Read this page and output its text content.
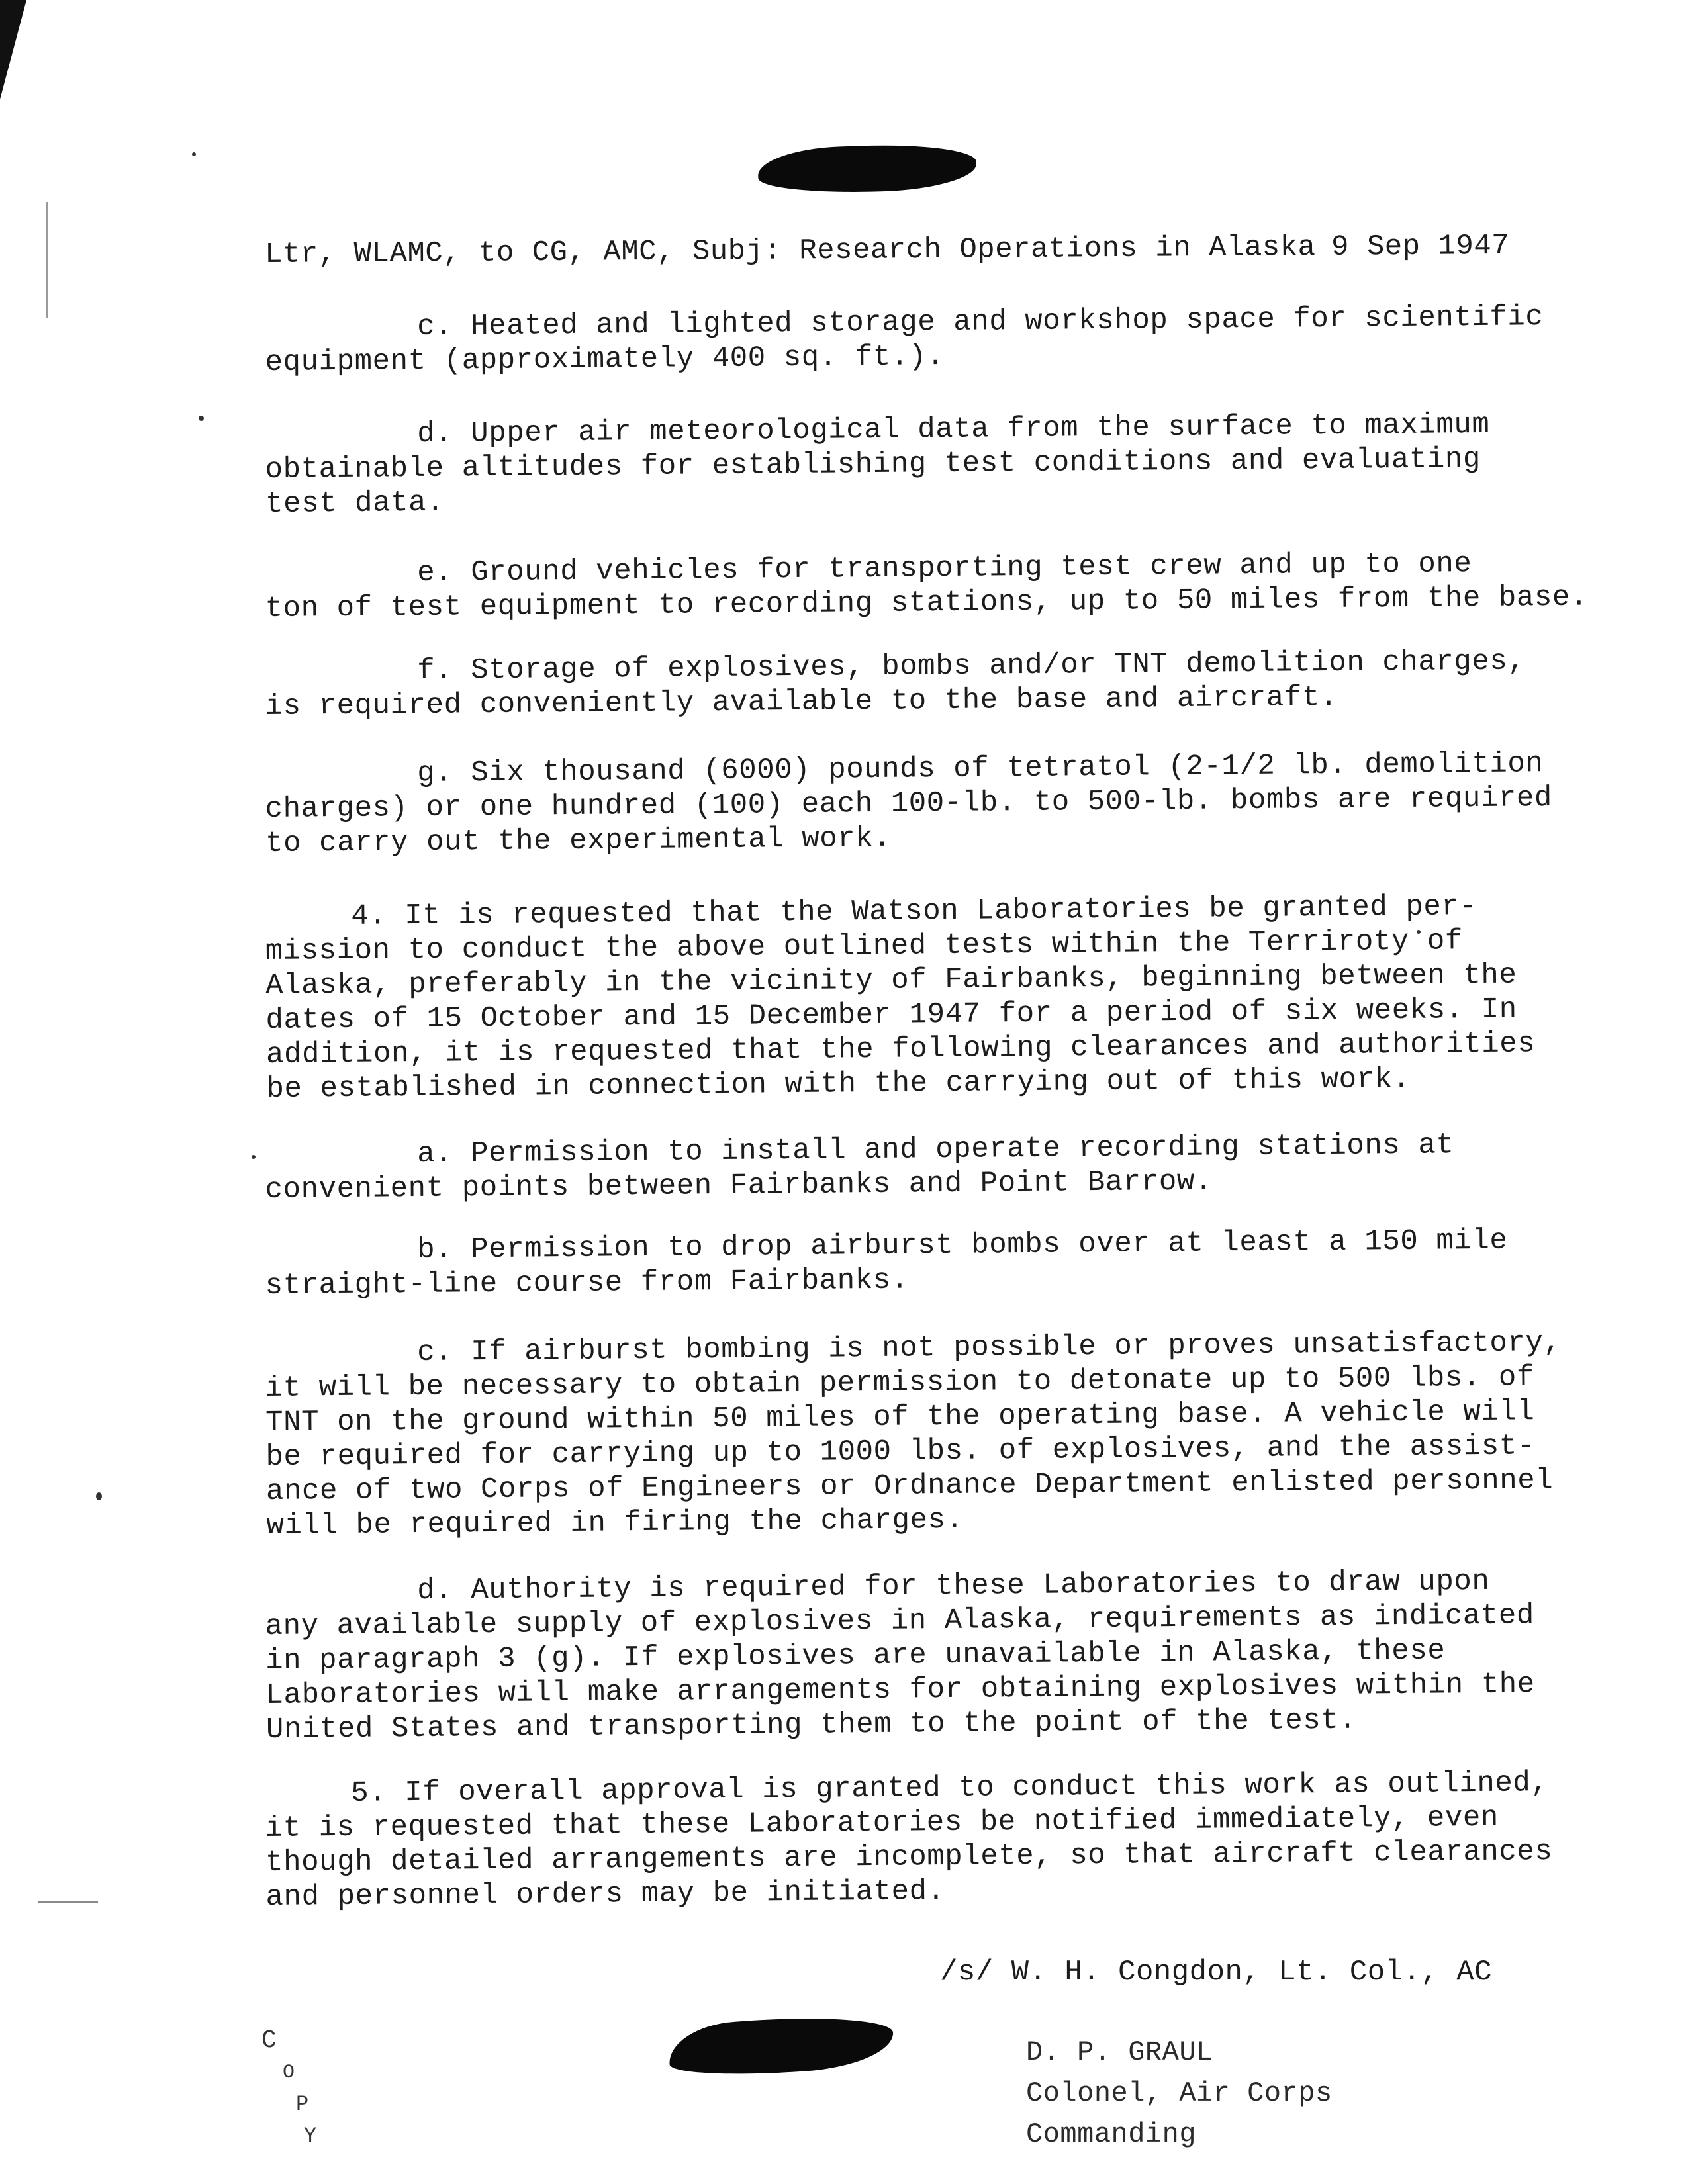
Ltr, WLAMC, to CG, AMC, Subj: Research Operations in Alaska 9 Sep 1947
c. Heated and lighted storage and workshop space for scientific
equipment (approximately 400 sq. ft.).
d. Upper air meteorological data from the surface to maximum
obtainable altitudes for establishing test conditions and evaluating
test data.
e. Ground vehicles for transporting test crew and up to one
ton of test equipment to recording stations, up to 50 miles from the base.
f. Storage of explosives, bombs and/or TNT demolition charges,
is required conveniently available to the base and aircraft.
g. Six thousand (6000) pounds of tetratol (2-1/2 lb. demolition
charges) or one hundred (100) each 100-lb. to 500-lb. bombs are required
to carry out the experimental work.
4. It is requested that the Watson Laboratories be granted per-
mission to conduct the above outlined tests within the Terriroty of
Alaska, preferably in the vicinity of Fairbanks, beginning between the
dates of 15 October and 15 December 1947 for a period of six weeks. In
addition, it is requested that the following clearances and authorities
be established in connection with the carrying out of this work.
a. Permission to install and operate recording stations at
convenient points between Fairbanks and Point Barrow.
b. Permission to drop airburst bombs over at least a 150 mile
straight-line course from Fairbanks.
c. If airburst bombing is not possible or proves unsatisfactory,
it will be necessary to obtain permission to detonate up to 500 lbs. of
TNT on the ground within 50 miles of the operating base. A vehicle will
be required for carrying up to 1000 lbs. of explosives, and the assist-
ance of two Corps of Engineers or Ordnance Department enlisted personnel
will be required in firing the charges.
d. Authority is required for these Laboratories to draw upon
any available supply of explosives in Alaska, requirements as indicated
in paragraph 3 (g). If explosives are unavailable in Alaska, these
Laboratories will make arrangements for obtaining explosives within the
United States and transporting them to the point of the test.
5. If overall approval is granted to conduct this work as outlined,
it is requested that these Laboratories be notified immediately, even
though detailed arrangements are incomplete, so that aircraft clearances
and personnel orders may be initiated.
/s/ W. H. Congdon, Lt. Col., AC
D. P. GRAUL
Colonel, Air Corps
Commanding
C
O
P
Y
